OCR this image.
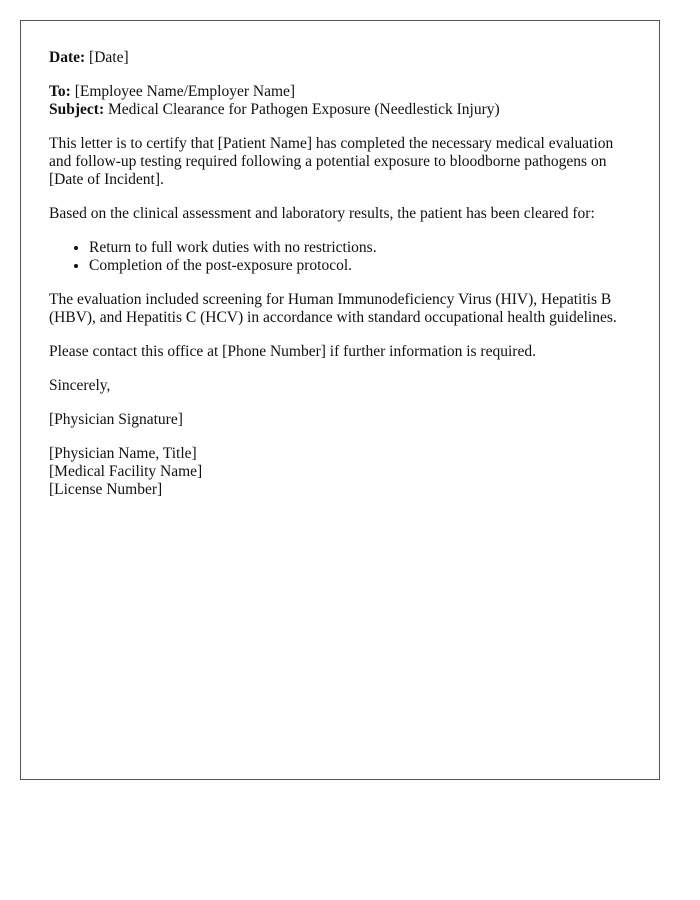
Date: [Date]

To: [Employee Name/Employer Name]

Subject: Medical Clearance for Pathogen Exposure (Needlestick Injury)

This letter is to certify that [Patient Name] has completed the necessary medical evaluation and follow-up testing required following a potential exposure to bloodborne pathogens on [Date of Incident].

Based on the clinical assessment and laboratory results, the patient has been cleared for:

• Return to full work duties with no restrictions.
• Completion of the post-exposure protocol.

The evaluation included screening for Human Immunodeficiency Virus (HIV), Hepatitis B (HBV), and Hepatitis C (HCV) in accordance with standard occupational health guidelines.

Please contact this office at [Phone Number] if further information is required.

Sincerely,

[Physician Signature]

[Physician Name, Title]

[Medical Facility Name]

[License Number]
